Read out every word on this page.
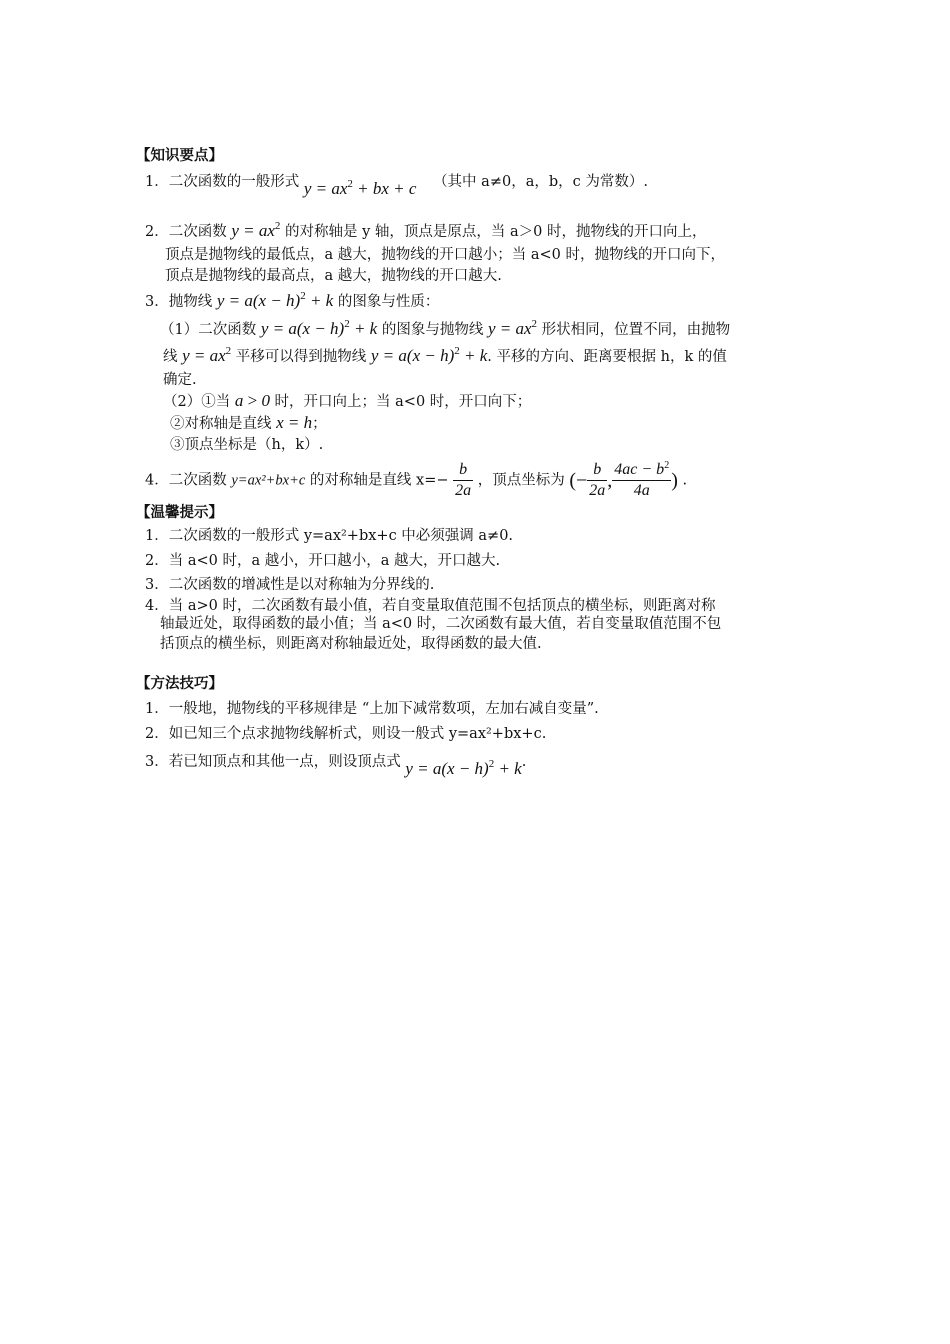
【知识要点】
1．二次函数的一般形式 $y = ax^2$ + bx + c （其中 a≠0，a，b，c 为常数）.
2．二次函数 $y = ax^2$ 的对称轴是 y 轴，顶点是原点，当 a＞0 时，抛物线的开口向上，
顶点是抛物线的最低点，a 越大，抛物线的开口越小；当 a<0 时，抛物线的开口向下，
顶点是抛物线的最高点，a 越大，抛物线的开口越大.
3．抛物线 $y = a(x - h)^2 + k$ 的图象与性质：
（1）二次函数 $y = a(x - h)^2 + k$ 的图象与抛物线 $y = ax^2$ 形状相同，位置不同，由抛物
线 $y = ax^2$ 平移可以得到抛物线 $y = a(x - h)^2 + k$. 平移的方向、距离要根据 h，k 的值
确定.
（2）①当 a > 0 时，开口向上；当 a<0 时，开口向下；
②对称轴是直线 x = h；
③顶点坐标是（h，k）.
4．二次函数 y=ax²+bx+c 的对称轴是直线 $x=- \frac{b}{2a}$ ，顶点坐标为 (− $\frac{b}{2a}$ , $\frac{4ac - b^2}{4a}$ ) .
【温馨提示】
1．二次函数的一般形式 y=ax²+bx+c 中必须强调 a≠0.
2．当 a<0 时，a 越小，开口越小，a 越大，开口越大.
3．二次函数的增减性是以对称轴为分界线的.
4．当 a>0 时，二次函数有最小值，若自变量取值范围不包括顶点的横坐标，则距离对称
轴最近处，取得函数的最小值；当 a<0 时，二次函数有最大值，若自变量取值范围不包
括顶点的横坐标，则距离对称轴最近处，取得函数的最大值.
【方法技巧】
1．一般地，抛物线的平移规律是 “上加下减常数项，左加右减自变量”.
2．如已知三个点求抛物线解析式，则设一般式 y=ax²+bx+c.
3．若已知顶点和其他一点，则设顶点式 $y = a(x - h)^2 + k$.
